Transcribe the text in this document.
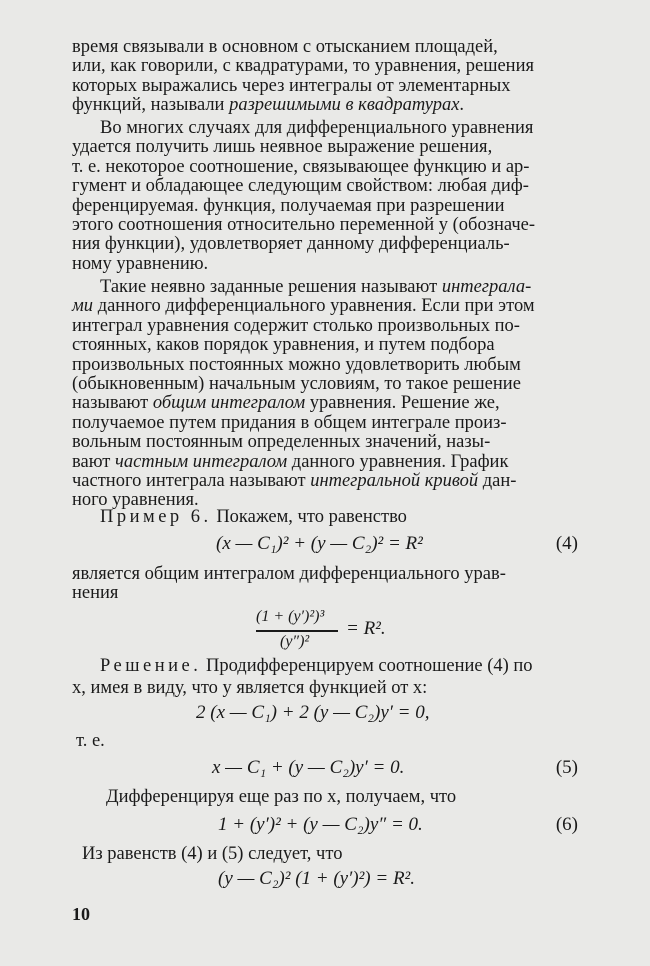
время связывали в основном с отысканием площадей,
или, как говорили, с квадратурами, то уравнения, решения
которых выражались через интегралы от элементарных
функций, называли разрешимыми в квадратурах.
Во многих случаях для дифференциального уравнения
удается получить лишь неявное выражение решения,
т. е. некоторое соотношение, связывающее функцию и ар-
гумент и обладающее следующим свойством: любая диф-
ференцируемая. функция, получаемая при разрешении
этого соотношения относительно переменной у (обозначе-
ния функции), удовлетворяет данному дифференциаль-
ному уравнению.
Такие неявно заданные решения называют интеграла-
ми данного дифференциального уравнения. Если при этом
интеграл уравнения содержит столько произвольных по-
стоянных, каков порядок уравнения, и путем подбора
произвольных постоянных можно удовлетворить любым
(обыкновенным) начальным условиям, то такое решение
называют общим интегралом уравнения. Решение же,
получаемое путем придания в общем интеграле произ-
вольным постоянным определенных значений, назы-
вают частным интегралом данного уравнения. График
частного интеграла называют интегральной кривой дан-
ного уравнения.
Пример 6. Покажем, что равенство
(x — C₁)² + (y — C₂)² = R²	(4)
является общим интегралом дифференциального урав-
нения
(1 + (y′)²)³
(y″)²
= R².
Решение. Продифференцируем соотношение (4) по
x, имея в виду, что y является функцией от x:
2 (x — C₁) + 2 (y — C₂)y′ = 0,
т. е.
x — C₁ + (y — C₂)y′ = 0.	(5)
Дифференцируя еще раз по x, получаем, что
1 + (y′)² + (y — C₂)y″ = 0.	(6)
Из равенств (4) и (5) следует, что
(y — C₂)² (1 + (y′)²) = R².
10
